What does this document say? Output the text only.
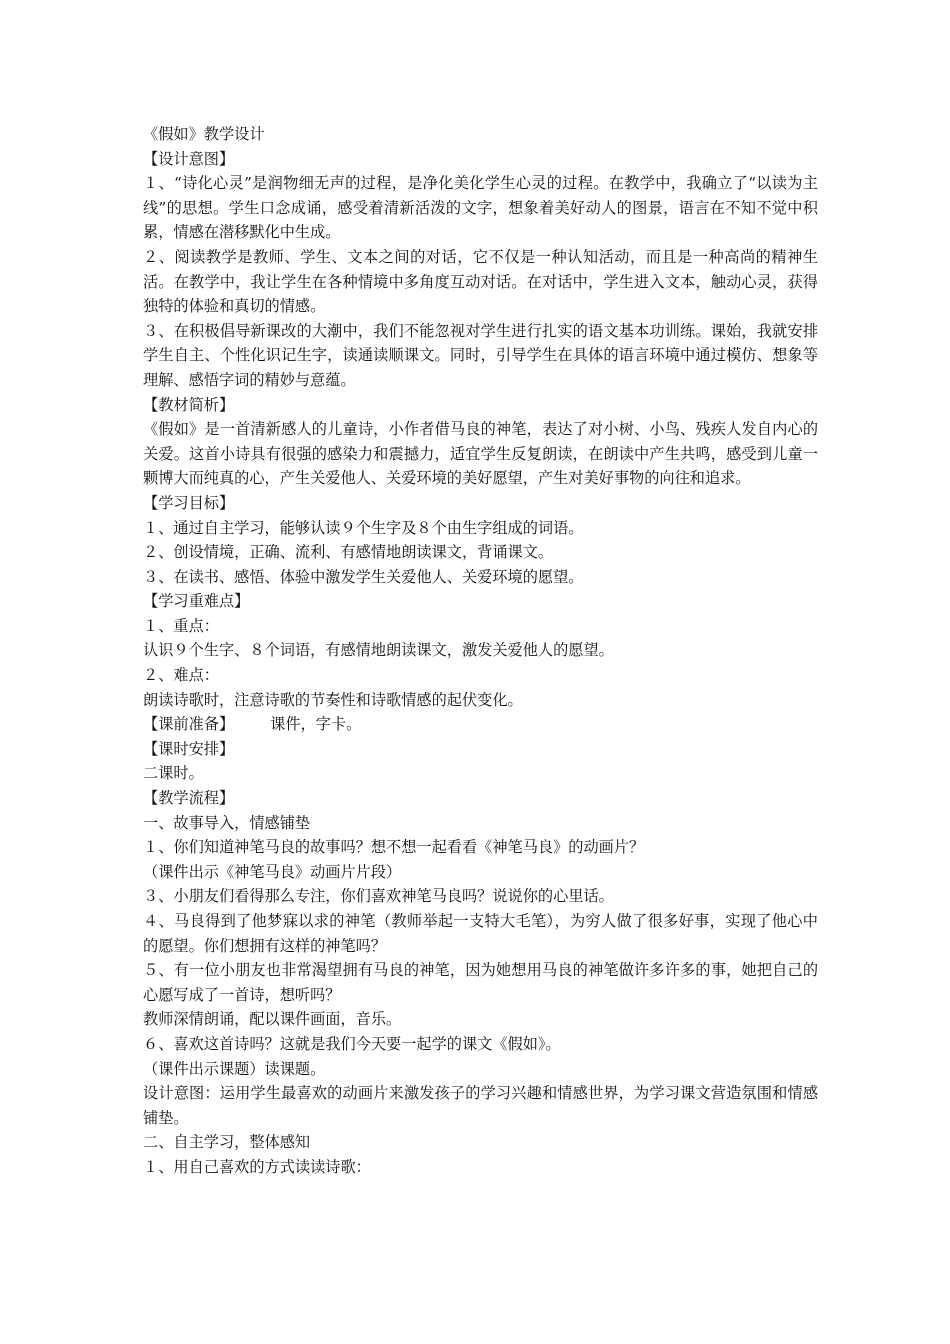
《假如》教学设计

【设计意图】

１、“诗化心灵”是润物细无声的过程，是净化美化学生心灵的过程。在教学中，我确立了“以读为主线”的思想。学生口念成诵，感受着清新活泼的文字，想象着美好动人的图景，语言在不知不觉中积累，情感在潜移默化中生成。

２、阅读教学是教师、学生、文本之间的对话，它不仅是一种认知活动，而且是一种高尚的精神生活。在教学中，我让学生在各种情境中多角度互动对话。在对话中，学生进入文本，触动心灵，获得独特的体验和真切的情感。

３、在积极倡导新课改的大潮中，我们不能忽视对学生进行扎实的语文基本功训练。课始，我就安排学生自主、个性化识记生字，读通读顺课文。同时，引导学生在具体的语言环境中通过模仿、想象等理解、感悟字词的精妙与意蕴。

【教材简析】

《假如》是一首清新感人的儿童诗，小作者借马良的神笔，表达了对小树、小鸟、残疾人发自内心的关爱。这首小诗具有很强的感染力和震撼力，适宜学生反复朗读，在朗读中产生共鸣，感受到儿童一颗博大而纯真的心，产生关爱他人、关爱环境的美好愿望，产生对美好事物的向往和追求。

【学习目标】

１、通过自主学习，能够认读９个生字及８个由生字组成的词语。

２、创设情境，正确、流利、有感情地朗读课文，背诵课文。

３、在读书、感悟、体验中激发学生关爱他人、关爱环境的愿望。

【学习重难点】

１、重点：

认识９个生字、８个词语，有感情地朗读课文，激发关爱他人的愿望。

２、难点：

朗读诗歌时，注意诗歌的节奏性和诗歌情感的起伏变化。

【课前准备】 课件，字卡。

【课时安排】

二课时。

【教学流程】

一、故事导入，情感铺垫

１、你们知道神笔马良的故事吗？想不想一起看看《神笔马良》的动画片？

（课件出示《神笔马良》动画片片段）

３、小朋友们看得那么专注，你们喜欢神笔马良吗？说说你的心里话。

４、马良得到了他梦寐以求的神笔（教师举起一支特大毛笔），为穷人做了很多好事，实现了他心中的愿望。你们想拥有这样的神笔吗？

５、有一位小朋友也非常渴望拥有马良的神笔，因为她想用马良的神笔做许多许多的事，她把自己的心愿写成了一首诗，想听吗？

教师深情朗诵，配以课件画面，音乐。

６、喜欢这首诗吗？这就是我们今天要一起学的课文《假如》。

（课件出示课题）读课题。

设计意图：运用学生最喜欢的动画片来激发孩子的学习兴趣和情感世界，为学习课文营造氛围和情感铺垫。

二、自主学习，整体感知

１、用自己喜欢的方式读读诗歌：
